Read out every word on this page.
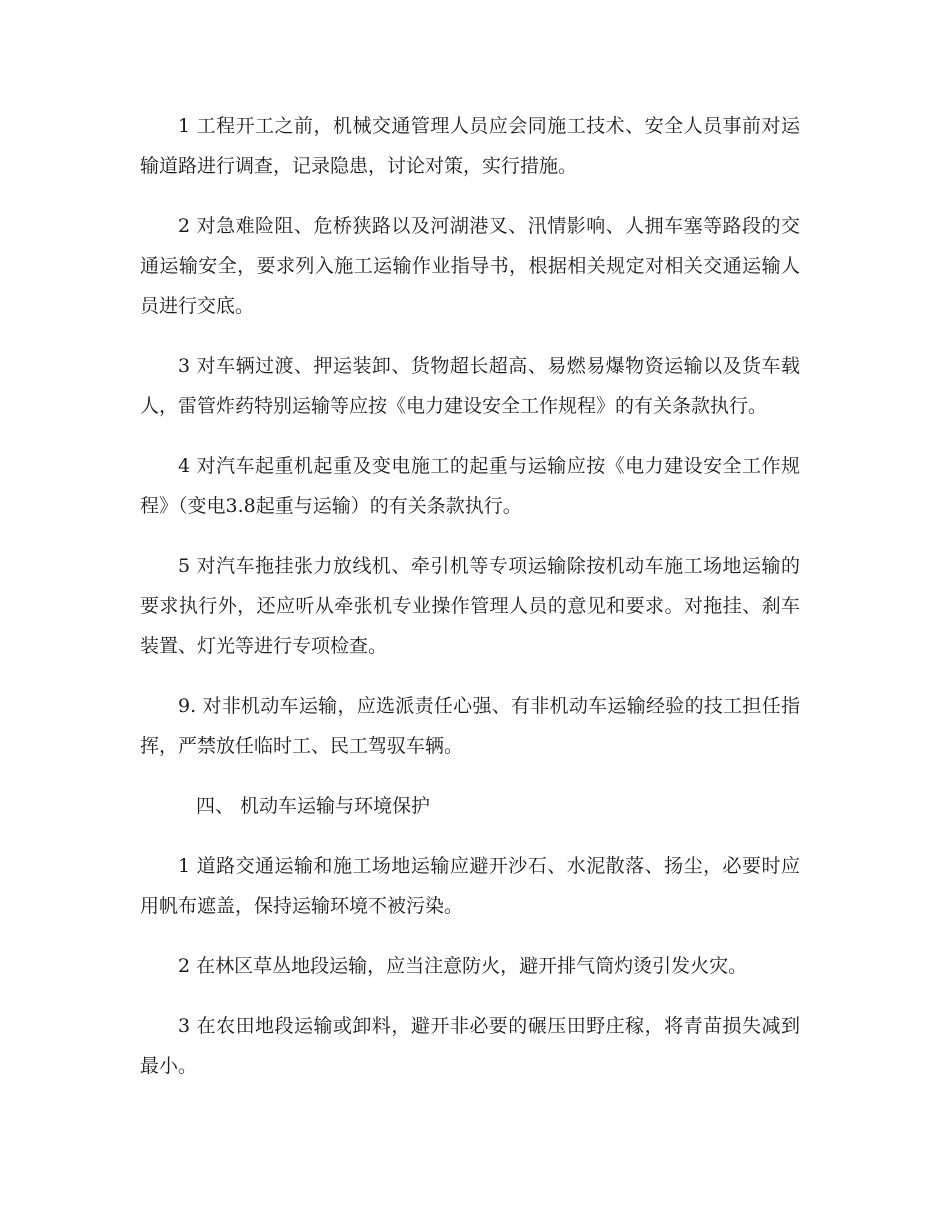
1 工程开工之前，机械交通管理人员应会同施工技术、安全人员事前对运输道路进行调查，记录隐患，讨论对策，实行措施。

2 对急难险阻、危桥狭路以及河湖港叉、汛情影响、人拥车塞等路段的交通运输安全，要求列入施工运输作业指导书，根据相关规定对相关交通运输人员进行交底。

3 对车辆过渡、押运装卸、货物超长超高、易燃易爆物资运输以及货车载人，雷管炸药特别运输等应按《电力建设安全工作规程》的有关条款执行。

4 对汽车起重机起重及变电施工的起重与运输应按《电力建设安全工作规程》（变电3.8起重与运输）的有关条款执行。

5 对汽车拖挂张力放线机、牵引机等专项运输除按机动车施工场地运输的要求执行外，还应听从牵张机专业操作管理人员的意见和要求。对拖挂、刹车装置、灯光等进行专项检查。

9. 对非机动车运输，应选派责任心强、有非机动车运输经验的技工担任指挥，严禁放任临时工、民工驾驭车辆。

四、 机动车运输与环境保护

1 道路交通运输和施工场地运输应避开沙石、水泥散落、扬尘，必要时应用帆布遮盖，保持运输环境不被污染。

2 在林区草丛地段运输，应当注意防火，避开排气筒灼烫引发火灾。

3 在农田地段运输或卸料，避开非必要的碾压田野庄稼，将青苗损失减到最小。
